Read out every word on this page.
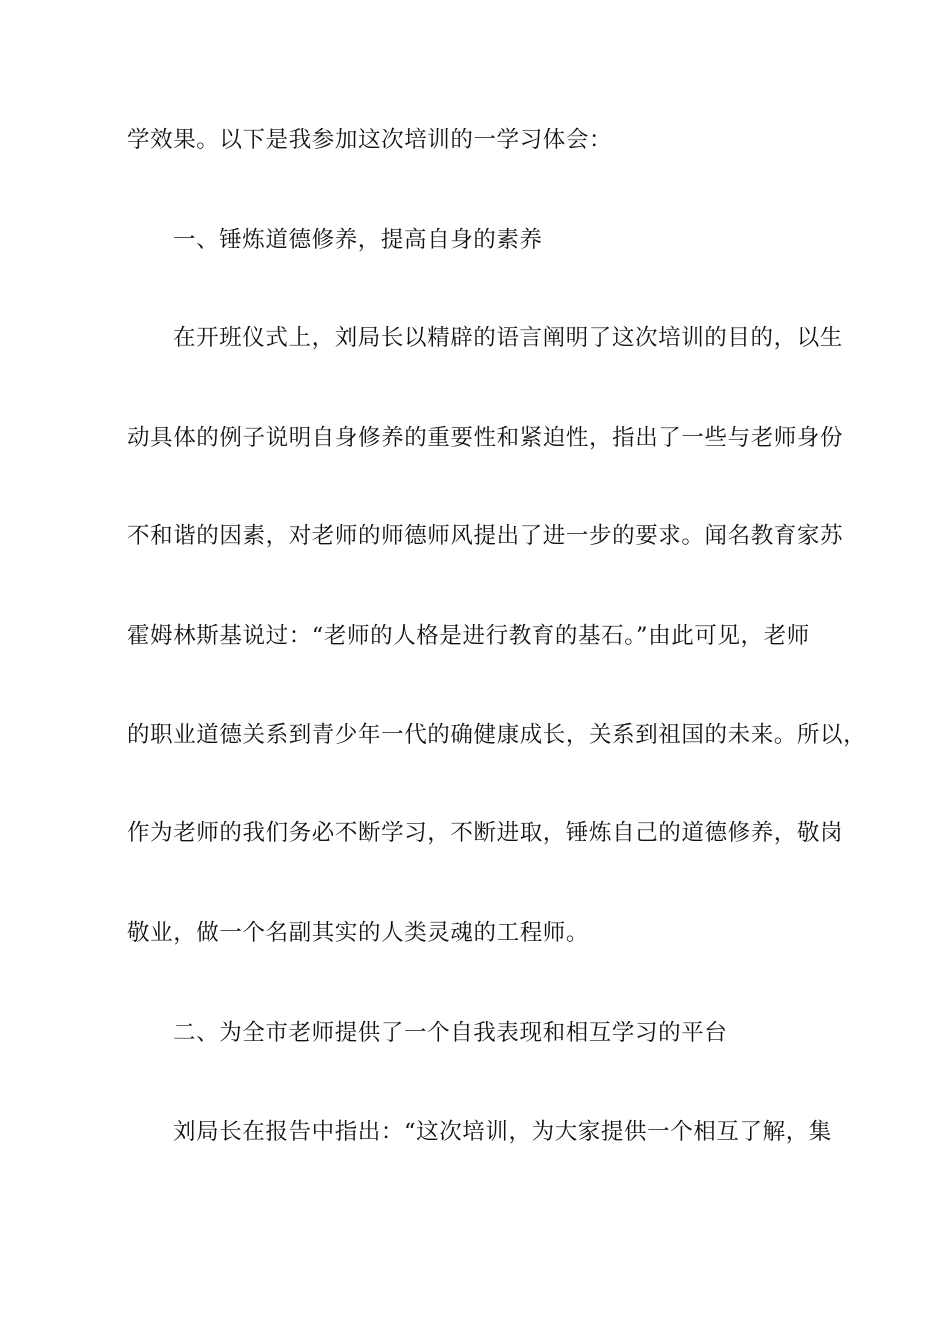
学效果。以下是我参加这次培训的一学习体会：

一、锤炼道德修养，提高自身的素养

在开班仪式上，刘局长以精辟的语言阐明了这次培训的目的，以生

动具体的例子说明自身修养的重要性和紧迫性，指出了一些与老师身份

不和谐的因素，对老师的师德师风提出了进一步的要求。闻名教育家苏

霍姆林斯基说过：“老师的人格是进行教育的基石。”由此可见，老师

的职业道德关系到青少年一代的确健康成长，关系到祖国的未来。所以，

作为老师的我们务必不断学习，不断进取，锤炼自己的道德修养，敬岗

敬业，做一个名副其实的人类灵魂的工程师。

二、为全市老师提供了一个自我表现和相互学习的平台

刘局长在报告中指出：“这次培训，为大家提供一个相互了解，集
